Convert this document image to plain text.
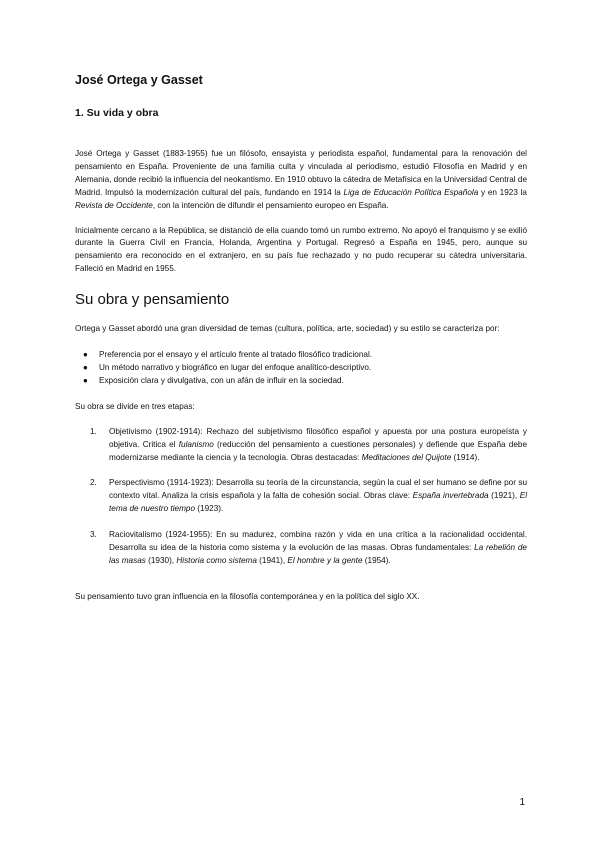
José Ortega y Gasset
1. Su vida y obra

José Ortega y Gasset (1883-1955) fue un filósofo, ensayista y periodista español, fundamental para la renovación del pensamiento en España. Proveniente de una familia culta y vinculada al periodismo, estudió Filosofía en Madrid y en Alemania, donde recibió la influencia del neokantismo. En 1910 obtuvo la cátedra de Metafísica en la Universidad Central de Madrid. Impulsó la modernización cultural del país, fundando en 1914 la Liga de Educación Política Española y en 1923 la Revista de Occidente, con la intención de difundir el pensamiento europeo en España.

Inicialmente cercano a la República, se distanció de ella cuando tomó un rumbo extremo. No apoyó el franquismo y se exilió durante la Guerra Civil en Francia, Holanda, Argentina y Portugal. Regresó a España en 1945, pero, aunque su pensamiento era reconocido en el extranjero, en su país fue rechazado y no pudo recuperar su cátedra universitaria. Falleció en Madrid en 1955.

Su obra y pensamiento

Ortega y Gasset abordó una gran diversidad de temas (cultura, política, arte, sociedad) y su estilo se caracteriza por:

● Preferencia por el ensayo y el artículo frente al tratado filosófico tradicional.
● Un método narrativo y biográfico en lugar del enfoque analítico-descriptivo.
● Exposición clara y divulgativa, con un afán de influir en la sociedad.

Su obra se divide en tres etapas:

1. Objetivismo (1902-1914): Rechazo del subjetivismo filosófico español y apuesta por una postura europeísta y objetiva. Critica el fulanismo (reducción del pensamiento a cuestiones personales) y defiende que España debe modernizarse mediante la ciencia y la tecnología. Obras destacadas: Meditaciones del Quijote (1914).
2. Perspectivismo (1914-1923): Desarrolla su teoría de la circunstancia, según la cual el ser humano se define por su contexto vital. Analiza la crisis española y la falta de cohesión social. Obras clave: España invertebrada (1921), El tema de nuestro tiempo (1923).
3. Raciovitalismo (1924-1955): En su madurez, combina razón y vida en una crítica a la racionalidad occidental. Desarrolla su idea de la historia como sistema y la evolución de las masas. Obras fundamentales: La rebelión de las masas (1930), Historia como sistema (1941), El hombre y la gente (1954).

Su pensamiento tuvo gran influencia en la filosofía contemporánea y en la política del siglo XX.

1
